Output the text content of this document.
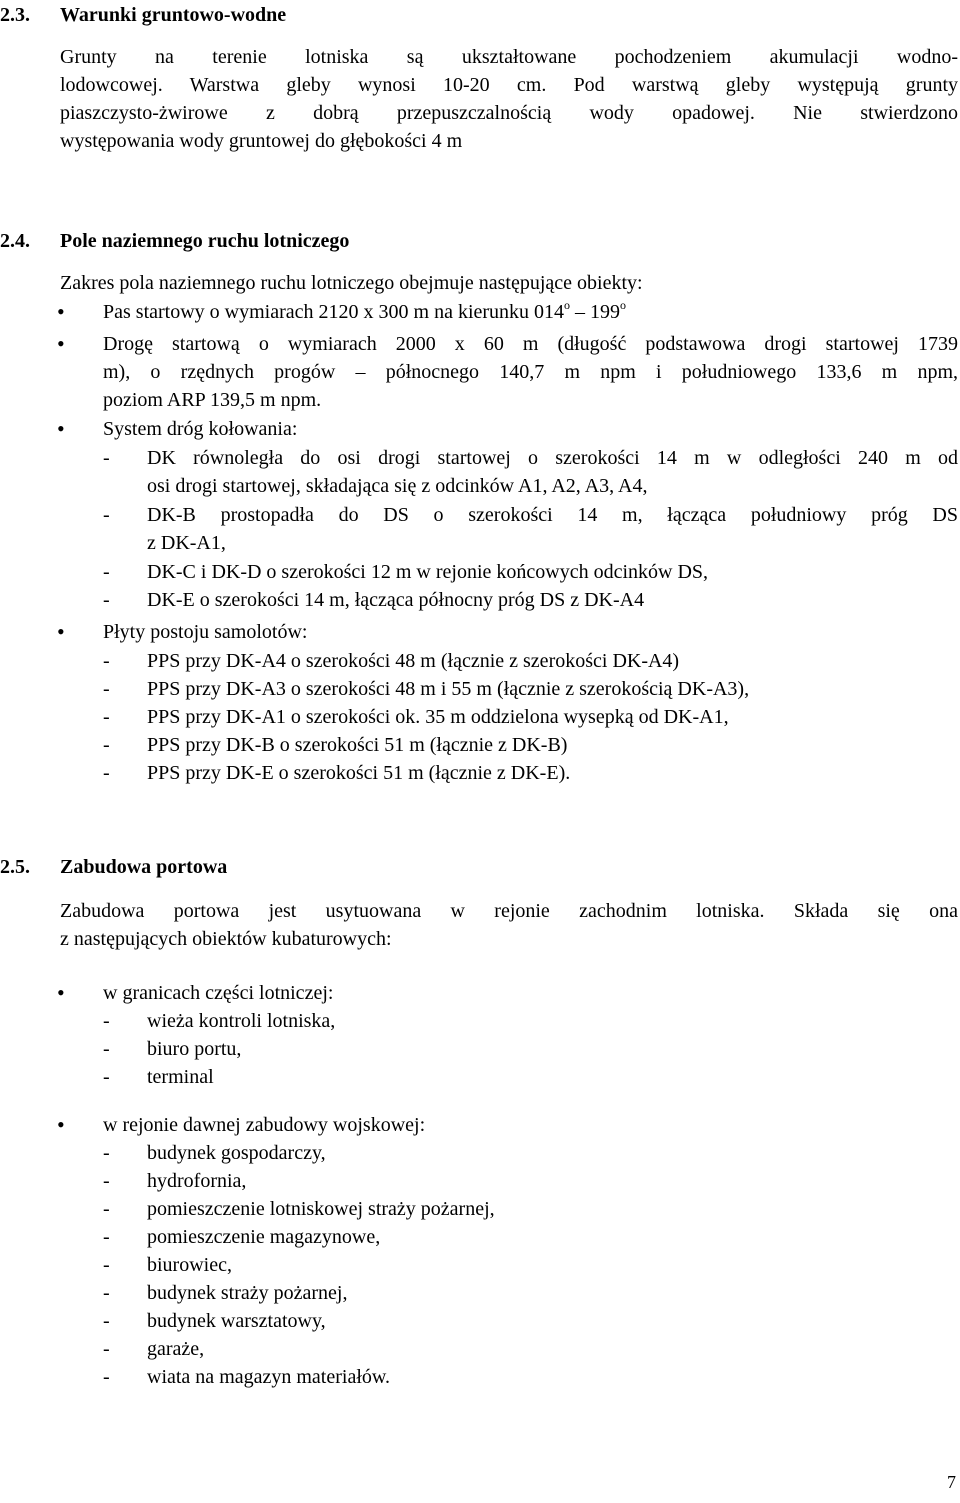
2.3. Warunki gruntowo-wodne
Grunty na terenie lotniska są ukształtowane pochodzeniem akumulacji wodno-
lodowcowej. Warstwa gleby wynosi 10-20 cm. Pod warstwą gleby występują grunty
piaszczysto-żwirowe z dobrą przepuszczalnością wody opadowej. Nie stwierdzono
występowania wody gruntowej do głębokości 4 m
2.4. Pole naziemnego ruchu lotniczego
Zakres pola naziemnego ruchu lotniczego obejmuje następujące obiekty:
• Pas startowy o wymiarach 2120 x 300 m na kierunku 014$^o$ – 199$^o$
• Drogę startową o wymiarach 2000 x 60 m (długość podstawowa drogi startowej 1739
m), o rzędnych progów – północnego 140,7 m npm i południowego 133,6 m npm,
poziom ARP 139,5 m npm.
• System dróg kołowania:
- DK równoległa do osi drogi startowej o szerokości 14 m w odległości 240 m od
osi drogi startowej, składająca się z odcinków A1, A2, A3, A4,
- DK-B prostopadła do DS o szerokości 14 m, łącząca południowy próg DS
z DK-A1,
- DK-C i DK-D o szerokości 12 m w rejonie końcowych odcinków DS,
- DK-E o szerokości 14 m, łącząca północny próg DS z DK-A4
• Płyty postoju samolotów:
- PPS przy DK-A4 o szerokości 48 m (łącznie z szerokości DK-A4)
- PPS przy DK-A3 o szerokości 48 m i 55 m (łącznie z szerokością DK-A3),
- PPS przy DK-A1 o szerokości ok. 35 m oddzielona wysepką od DK-A1,
- PPS przy DK-B o szerokości 51 m (łącznie z DK-B)
- PPS przy DK-E o szerokości 51 m (łącznie z DK-E).
2.5. Zabudowa portowa
Zabudowa portowa jest usytuowana w rejonie zachodnim lotniska. Składa się ona
z następujących obiektów kubaturowych:
• w granicach części lotniczej:
- wieża kontroli lotniska,
- biuro portu,
- terminal
• w rejonie dawnej zabudowy wojskowej:
- budynek gospodarczy,
- hydrofornia,
- pomieszczenie lotniskowej straży pożarnej,
- pomieszczenie magazynowe,
- biurowiec,
- budynek straży pożarnej,
- budynek warsztatowy,
- garaże,
- wiata na magazyn materiałów.
7
